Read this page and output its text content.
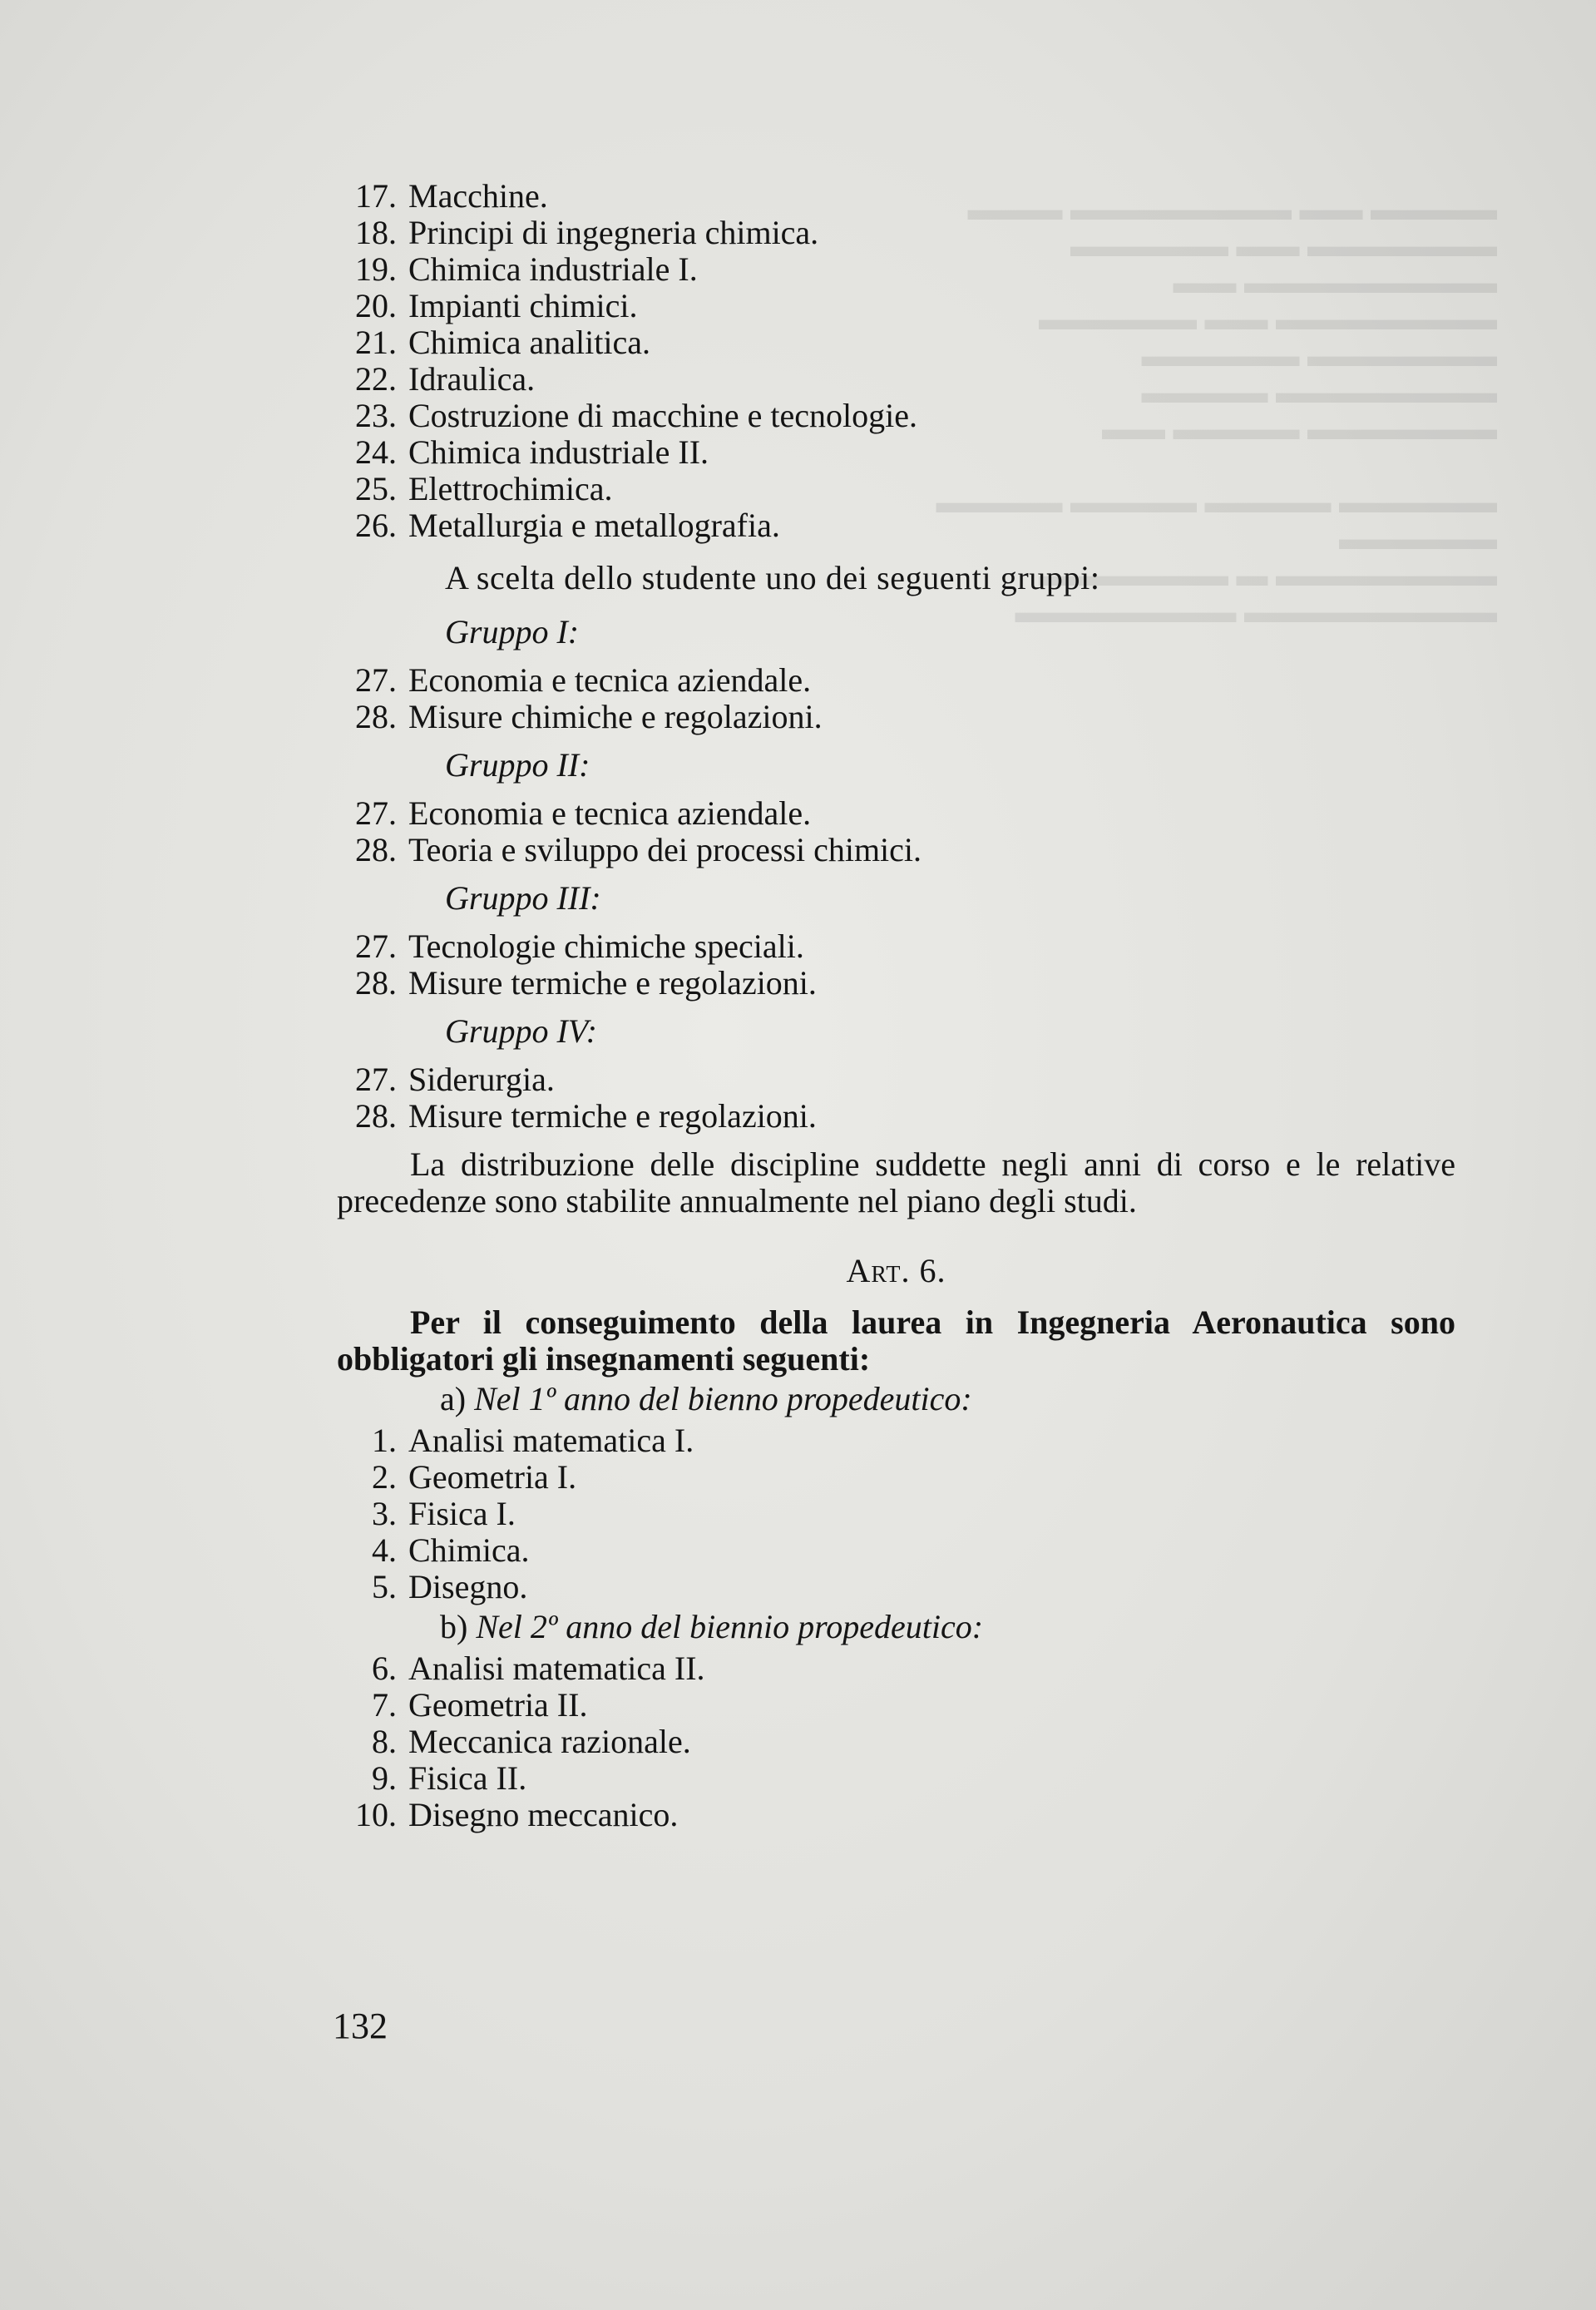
▬▬▬▬ ▬▬ ▬▬▬▬▬▬▬ ▬▬▬
▬▬▬▬▬▬ ▬▬ ▬▬▬▬▬
▬▬▬▬▬▬▬▬ ▬▬
▬▬▬▬▬▬▬ ▬▬ ▬▬▬▬▬
▬▬▬▬▬▬ ▬▬▬▬▬
▬▬▬▬▬▬▬ ▬▬▬▬
▬▬▬▬▬▬ ▬▬▬▬ ▬▬

▬▬▬▬▬ ▬▬▬▬ ▬▬▬▬ ▬▬▬▬
▬▬▬▬▬
▬▬▬▬▬▬▬ ▬ ▬▬▬▬▬▬
▬▬▬▬▬▬▬▬ ▬▬▬▬▬▬▬
17. Macchine.
18. Principi di ingegneria chimica.
19. Chimica industriale I.
20. Impianti chimici.
21. Chimica analitica.
22. Idraulica.
23. Costruzione di macchine e tecnologie.
24. Chimica industriale II.
25. Elettrochimica.
26. Metallurgia e metallografia.
A scelta dello studente uno dei seguenti gruppi:
Gruppo I:
27. Economia e tecnica aziendale.
28. Misure chimiche e regolazioni.
Gruppo II:
27. Economia e tecnica aziendale.
28. Teoria e sviluppo dei processi chimici.
Gruppo III:
27. Tecnologie chimiche speciali.
28. Misure termiche e regolazioni.
Gruppo IV:
27. Siderurgia.
28. Misure termiche e regolazioni.
La distribuzione delle discipline suddette negli anni di corso e le relative precedenze sono stabilite annualmente nel piano degli studi.
Art. 6.
Per il conseguimento della laurea in Ingegneria Aeronautica sono obbligatori gli insegnamenti seguenti:
a) Nel 1º anno del bienno propedeutico:
1. Analisi matematica I.
2. Geometria I.
3. Fisica I.
4. Chimica.
5. Disegno.
b) Nel 2º anno del biennio propedeutico:
6. Analisi matematica II.
7. Geometria II.
8. Meccanica razionale.
9. Fisica II.
10. Disegno meccanico.
132
